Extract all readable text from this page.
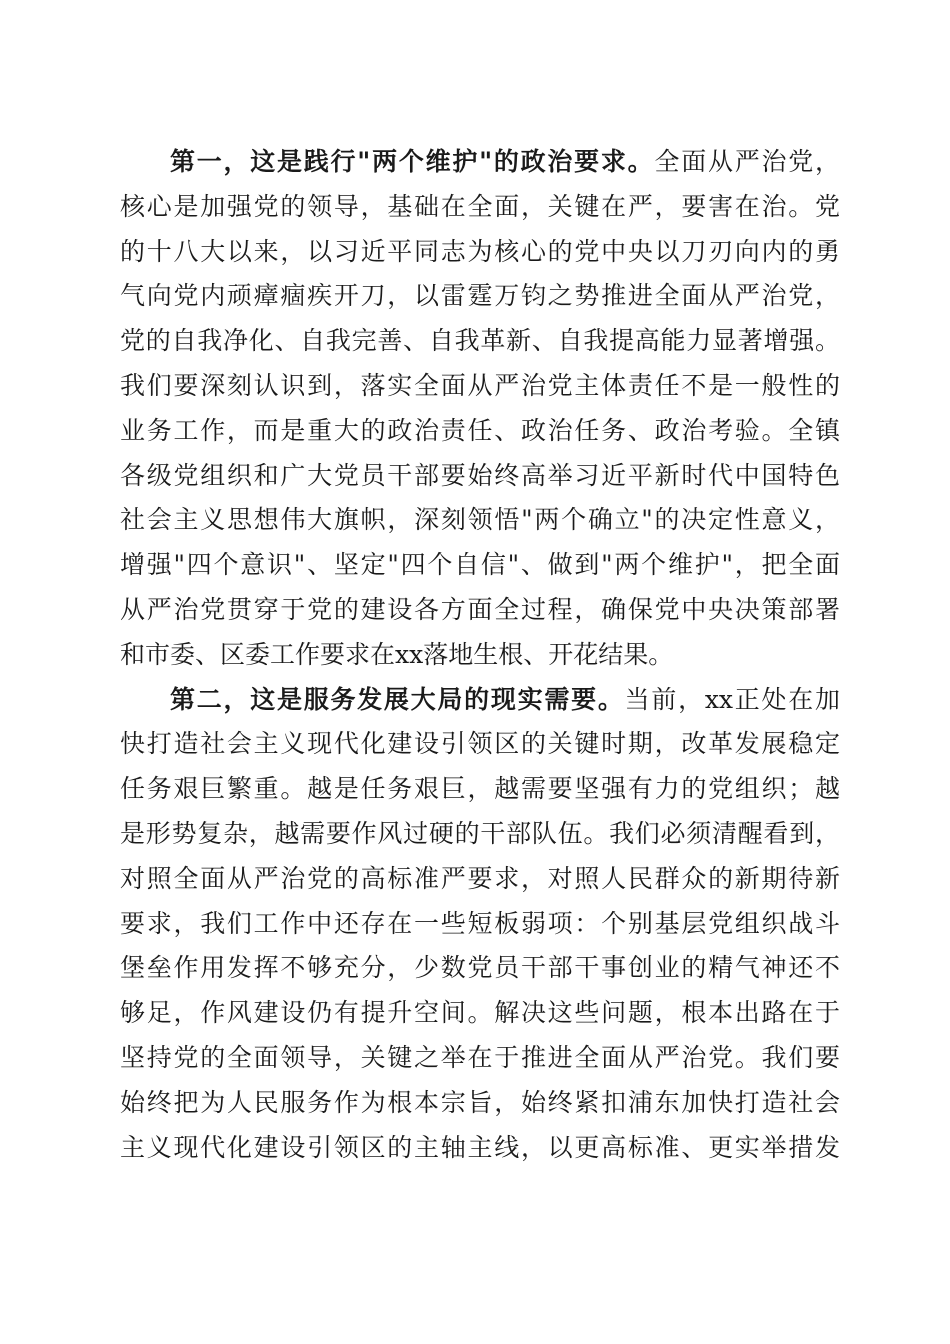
第一，这是践行"两个维护"的政治要求。全面从严治党，
核心是加强党的领导，基础在全面，关键在严，要害在治。党
的十八大以来，以习近平同志为核心的党中央以刀刃向内的勇
气向党内顽瘴痼疾开刀，以雷霆万钧之势推进全面从严治党，
党的自我净化、自我完善、自我革新、自我提高能力显著增强。
我们要深刻认识到，落实全面从严治党主体责任不是一般性的
业务工作，而是重大的政治责任、政治任务、政治考验。全镇
各级党组织和广大党员干部要始终高举习近平新时代中国特色
社会主义思想伟大旗帜，深刻领悟"两个确立"的决定性意义，
增强"四个意识"、坚定"四个自信"、做到"两个维护"，把全面
从严治党贯穿于党的建设各方面全过程，确保党中央决策部署
和市委、区委工作要求在xx落地生根、开花结果。
第二，这是服务发展大局的现实需要。当前，xx正处在加
快打造社会主义现代化建设引领区的关键时期，改革发展稳定
任务艰巨繁重。越是任务艰巨，越需要坚强有力的党组织；越
是形势复杂，越需要作风过硬的干部队伍。我们必须清醒看到，
对照全面从严治党的高标准严要求，对照人民群众的新期待新
要求，我们工作中还存在一些短板弱项：个别基层党组织战斗
堡垒作用发挥不够充分，少数党员干部干事创业的精气神还不
够足，作风建设仍有提升空间。解决这些问题，根本出路在于
坚持党的全面领导，关键之举在于推进全面从严治党。我们要
始终把为人民服务作为根本宗旨，始终紧扣浦东加快打造社会
主义现代化建设引领区的主轴主线，以更高标准、更实举措发
